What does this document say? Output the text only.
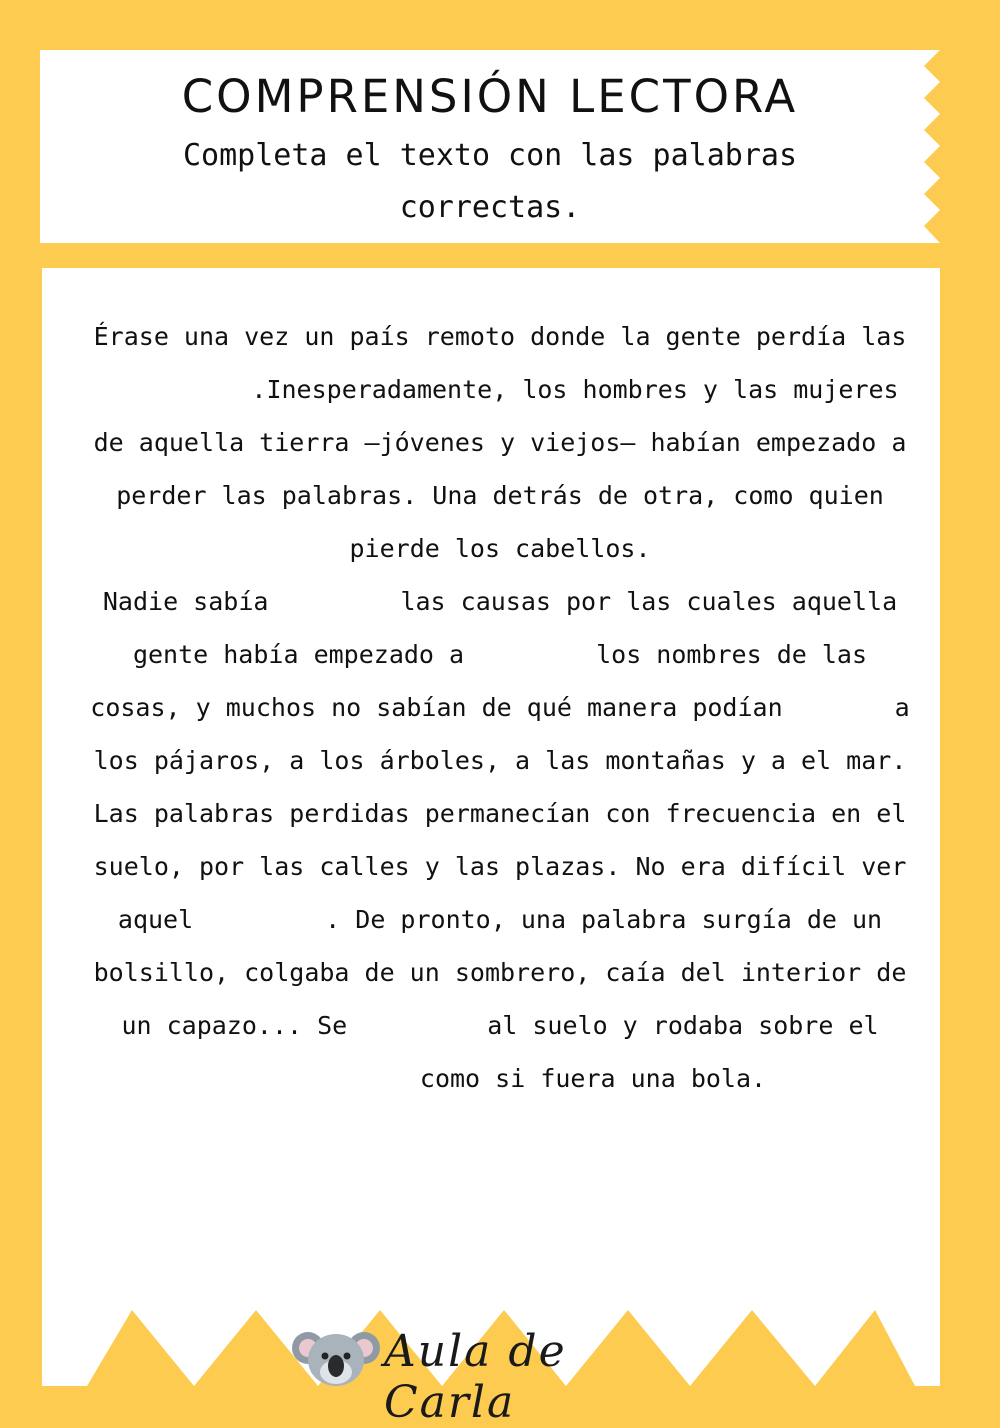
COMPRENSIÓN LECTORA
Completa el texto con las palabras correctas.

Érase una vez un país remoto donde la gente perdía las.Inesperadamente, los hombres y las mujeres de aquella tierra –jóvenes y viejos– habían empezado a perder las palabras. Una detrás de otra, como quien pierde los cabellos.

Nadie sabía	las causas por las cuales aquella gente había empezado a	los nombres de las cosas, y muchos no sabían de qué manera podían	a los pájaros, a los árboles, a las montañas y a el mar.

Las palabras perdidas permanecían con frecuencia en el suelo, por las calles y las plazas. No era difícil ver aquel	. De pronto, una palabra surgía de un bolsillo, colgaba de un sombrero, caía del interior de un capazo... Se	al suelo y rodaba sobre elcomo si fuera una bola.

Aula de Carla
